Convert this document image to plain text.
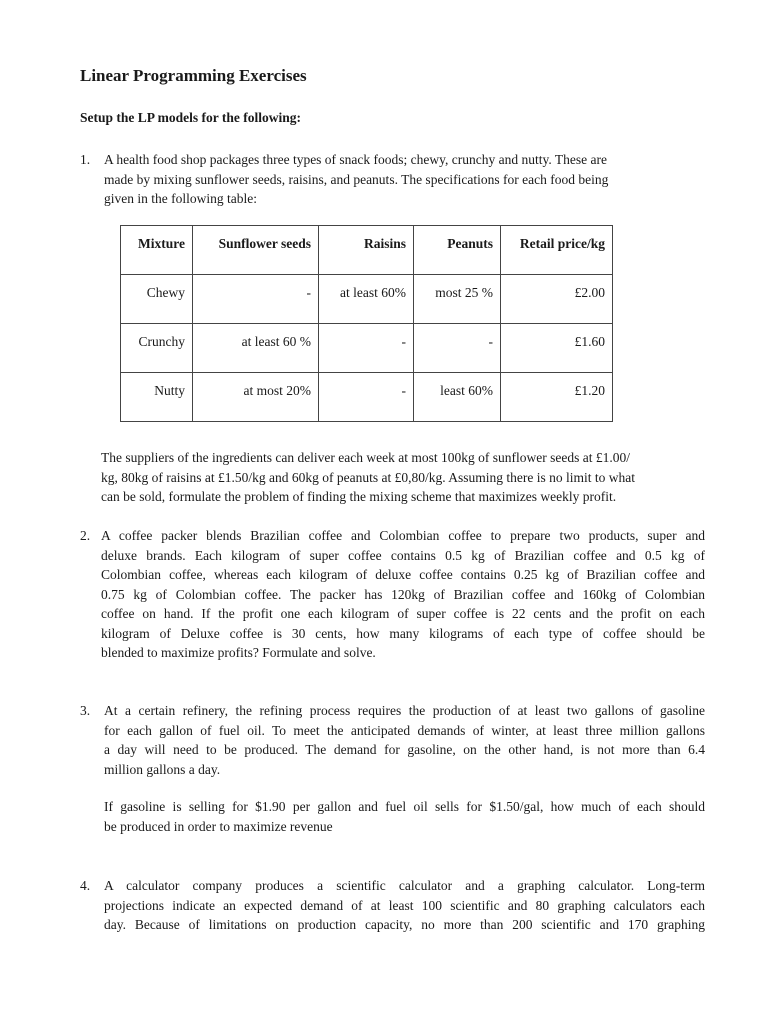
Linear Programming Exercises

Setup the LP models for the following:

1. A health food shop packages three types of snack foods; chewy, crunchy and nutty. These are
made by mixing sunflower seeds, raisins, and peanuts. The specifications for each food being
given in the following table:
Mixture	Sunflower seeds	Raisins	Peanuts	Retail price/kg
Chewy	-	at least 60%	most 25 %	£2.00
Crunchy	at least 60 %	-	-	£1.60
Nutty	at most 20%	-	least 60%	£1.20
The suppliers of the ingredients can deliver each week at most 100kg of sunflower seeds at £1.00/
kg, 80kg of raisins at £1.50/kg and 60kg of peanuts at £0,80/kg. Assuming there is no limit to what
can be sold, formulate the problem of finding the mixing scheme that maximizes weekly profit.
2. A coffee packer blends Brazilian coffee and Colombian coffee to prepare two products, super and
deluxe brands. Each kilogram of super coffee contains 0.5 kg of Brazilian coffee and 0.5 kg of
Colombian coffee, whereas each kilogram of deluxe coffee contains 0.25 kg of Brazilian coffee and
0.75 kg of Colombian coffee. The packer has 120kg of Brazilian coffee and 160kg of Colombian
coffee on hand. If the profit one each kilogram of super coffee is 22 cents and the profit on each
kilogram of Deluxe coffee is 30 cents, how many kilograms of each type of coffee should be
blended to maximize profits? Formulate and solve.
3. At a certain refinery, the refining process requires the production of at least two gallons of gasoline
for each gallon of fuel oil. To meet the anticipated demands of winter, at least three million gallons
a day will need to be produced. The demand for gasoline, on the other hand, is not more than 6.4
million gallons a day.
If gasoline is selling for $1.90 per gallon and fuel oil sells for $1.50/gal, how much of each should
be produced in order to maximize revenue
4. A calculator company produces a scientific calculator and a graphing calculator. Long-term
projections indicate an expected demand of at least 100 scientific and 80 graphing calculators each
day. Because of limitations on production capacity, no more than 200 scientific and 170 graphing
